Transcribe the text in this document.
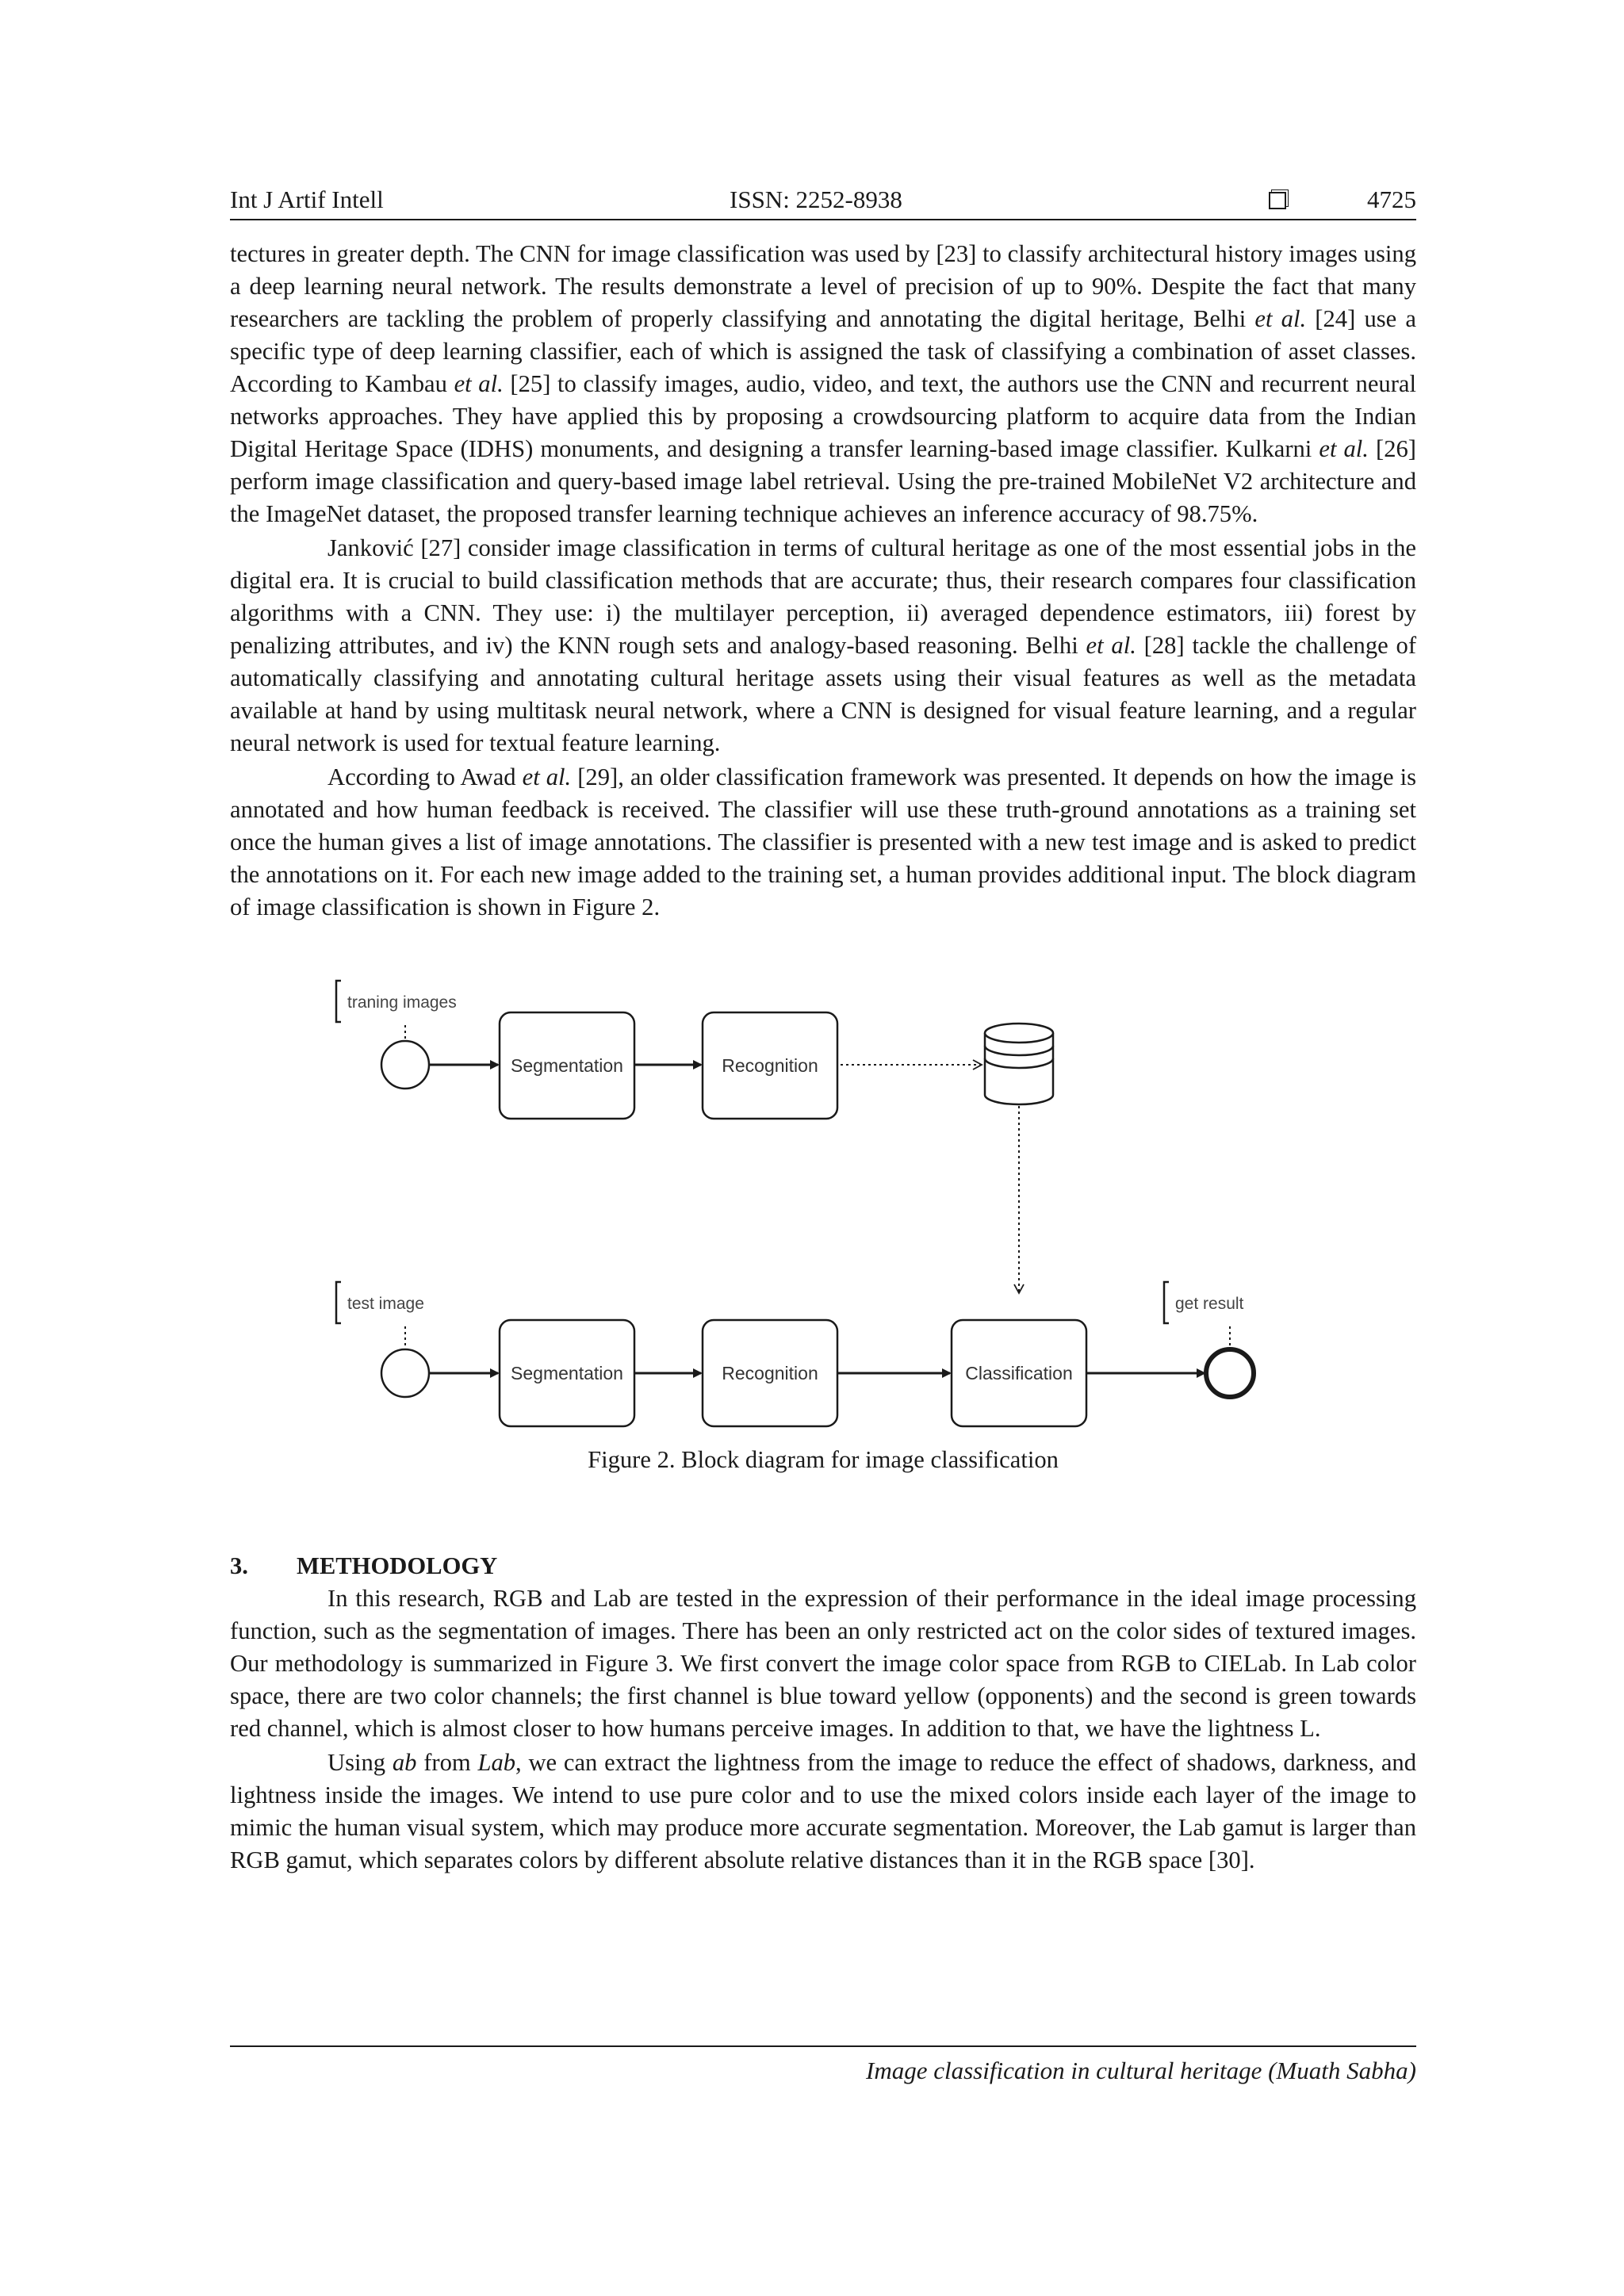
Int J Artif Intell	ISSN: 2252-8938	4725

tectures in greater depth. The CNN for image classification was used by [23] to classify architectural history images using a deep learning neural network. The results demonstrate a level of precision of up to 90%. Despite the fact that many researchers are tackling the problem of properly classifying and annotating the digital heritage, Belhi et al. [24] use a specific type of deep learning classifier, each of which is assigned the task of classifying a combination of asset classes. According to Kambau et al. [25] to classify images, audio, video, and text, the authors use the CNN and recurrent neural networks approaches. They have applied this by proposing a crowdsourcing platform to acquire data from the Indian Digital Heritage Space (IDHS) monuments, and designing a transfer learning-based image classifier. Kulkarni et al. [26] perform image classification and query-based image label retrieval. Using the pre-trained MobileNet V2 architecture and the ImageNet dataset, the proposed transfer learning technique achieves an inference accuracy of 98.75%.

Janković [27] consider image classification in terms of cultural heritage as one of the most essential jobs in the digital era. It is crucial to build classification methods that are accurate; thus, their research compares four classification algorithms with a CNN. They use: i) the multilayer perception, ii) averaged dependence estimators, iii) forest by penalizing attributes, and iv) the KNN rough sets and analogy-based reasoning. Belhi et al. [28] tackle the challenge of automatically classifying and annotating cultural heritage assets using their visual features as well as the metadata available at hand by using multitask neural network, where a CNN is designed for visual feature learning, and a regular neural network is used for textual feature learning.

According to Awad et al. [29], an older classification framework was presented. It depends on how the image is annotated and how human feedback is received. The classifier will use these truth-ground annotations as a training set once the human gives a list of image annotations. The classifier is presented with a new test image and is asked to predict the annotations on it. For each new image added to the training set, a human provides additional input. The block diagram of image classification is shown in Figure 2.

traning images
Segmentation	Recognition
test image
Segmentation	Recognition	Classification
get result
Figure 2. Block diagram for image classification
3.	METHODOLOGY

In this research, RGB and Lab are tested in the expression of their performance in the ideal image processing function, such as the segmentation of images. There has been an only restricted act on the color sides of textured images. Our methodology is summarized in Figure 3. We first convert the image color space from RGB to CIELab. In Lab color space, there are two color channels; the first channel is blue toward yellow (opponents) and the second is green towards red channel, which is almost closer to how humans perceive images. In addition to that, we have the lightness L.

Using ab from Lab, we can extract the lightness from the image to reduce the effect of shadows, darkness, and lightness inside the images. We intend to use pure color and to use the mixed colors inside each layer of the image to mimic the human visual system, which may produce more accurate segmentation. Moreover, the Lab gamut is larger than RGB gamut, which separates colors by different absolute relative distances than it in the RGB space [30].

Image classification in cultural heritage (Muath Sabha)
